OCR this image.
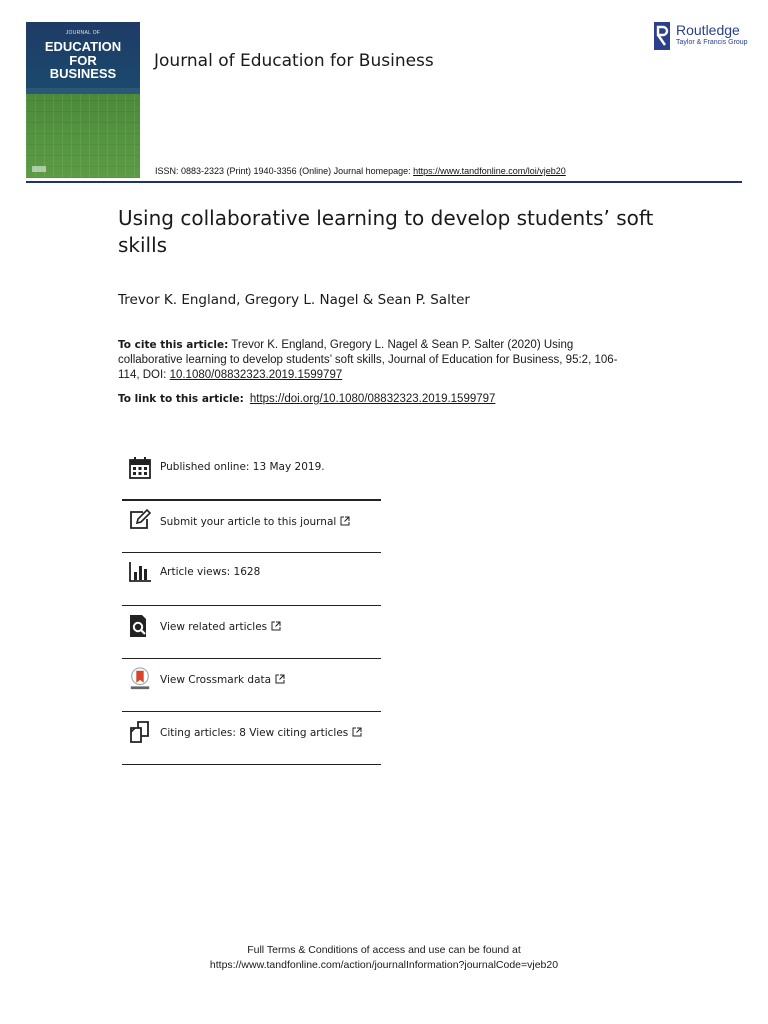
JOURNAL OF
EDUCATION
FOR
BUSINESS
Journal of Education for Business
Routledge
Taylor & Francis Group
ISSN: 0883-2323 (Print) 1940-3356 (Online) Journal homepage: https://www.tandfonline.com/loi/vjeb20
Using collaborative learning to develop students’ soft skills
Trevor K. England, Gregory L. Nagel & Sean P. Salter
To cite this article: Trevor K. England, Gregory L. Nagel & Sean P. Salter (2020) Using collaborative learning to develop students’ soft skills, Journal of Education for Business, 95:2, 106-114, DOI: 10.1080/08832323.2019.1599797
To link to this article: https://doi.org/10.1080/08832323.2019.1599797
Published online: 13 May 2019.
Submit your article to this journal
Article views: 1628
View related articles
View Crossmark data
Citing articles: 8 View citing articles
Full Terms & Conditions of access and use can be found at
https://www.tandfonline.com/action/journalInformation?journalCode=vjeb20
